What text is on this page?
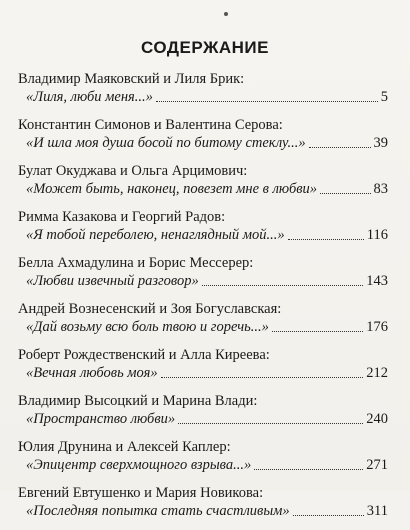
СОДЕРЖАНИЕ
Владимир Маяковский и Лиля Брик:
«Лиля, люби меня...»	5
Константин Симонов и Валентина Серова:
«И шла моя душа босой по битому стеклу...»	39
Булат Окуджава и Ольга Арцимович:
«Может быть, наконец, повезет мне в любви»	83
Римма Казакова и Георгий Радов:
«Я тобой переболею, ненаглядный мой...»	116
Белла Ахмадулина и Борис Мессерер:
«Любви извечный разговор»	143
Андрей Вознесенский и Зоя Богуславская:
«Дай возьму всю боль твою и горечь...»	176
Роберт Рождественский и Алла Киреева:
«Вечная любовь моя»	212
Владимир Высоцкий и Марина Влади:
«Пространство любви»	240
Юлия Друнина и Алексей Каплер:
«Эпицентр сверхмощного взрыва...»	271
Евгений Евтушенко и Мария Новикова:
«Последняя попытка стать счастливым»	311
